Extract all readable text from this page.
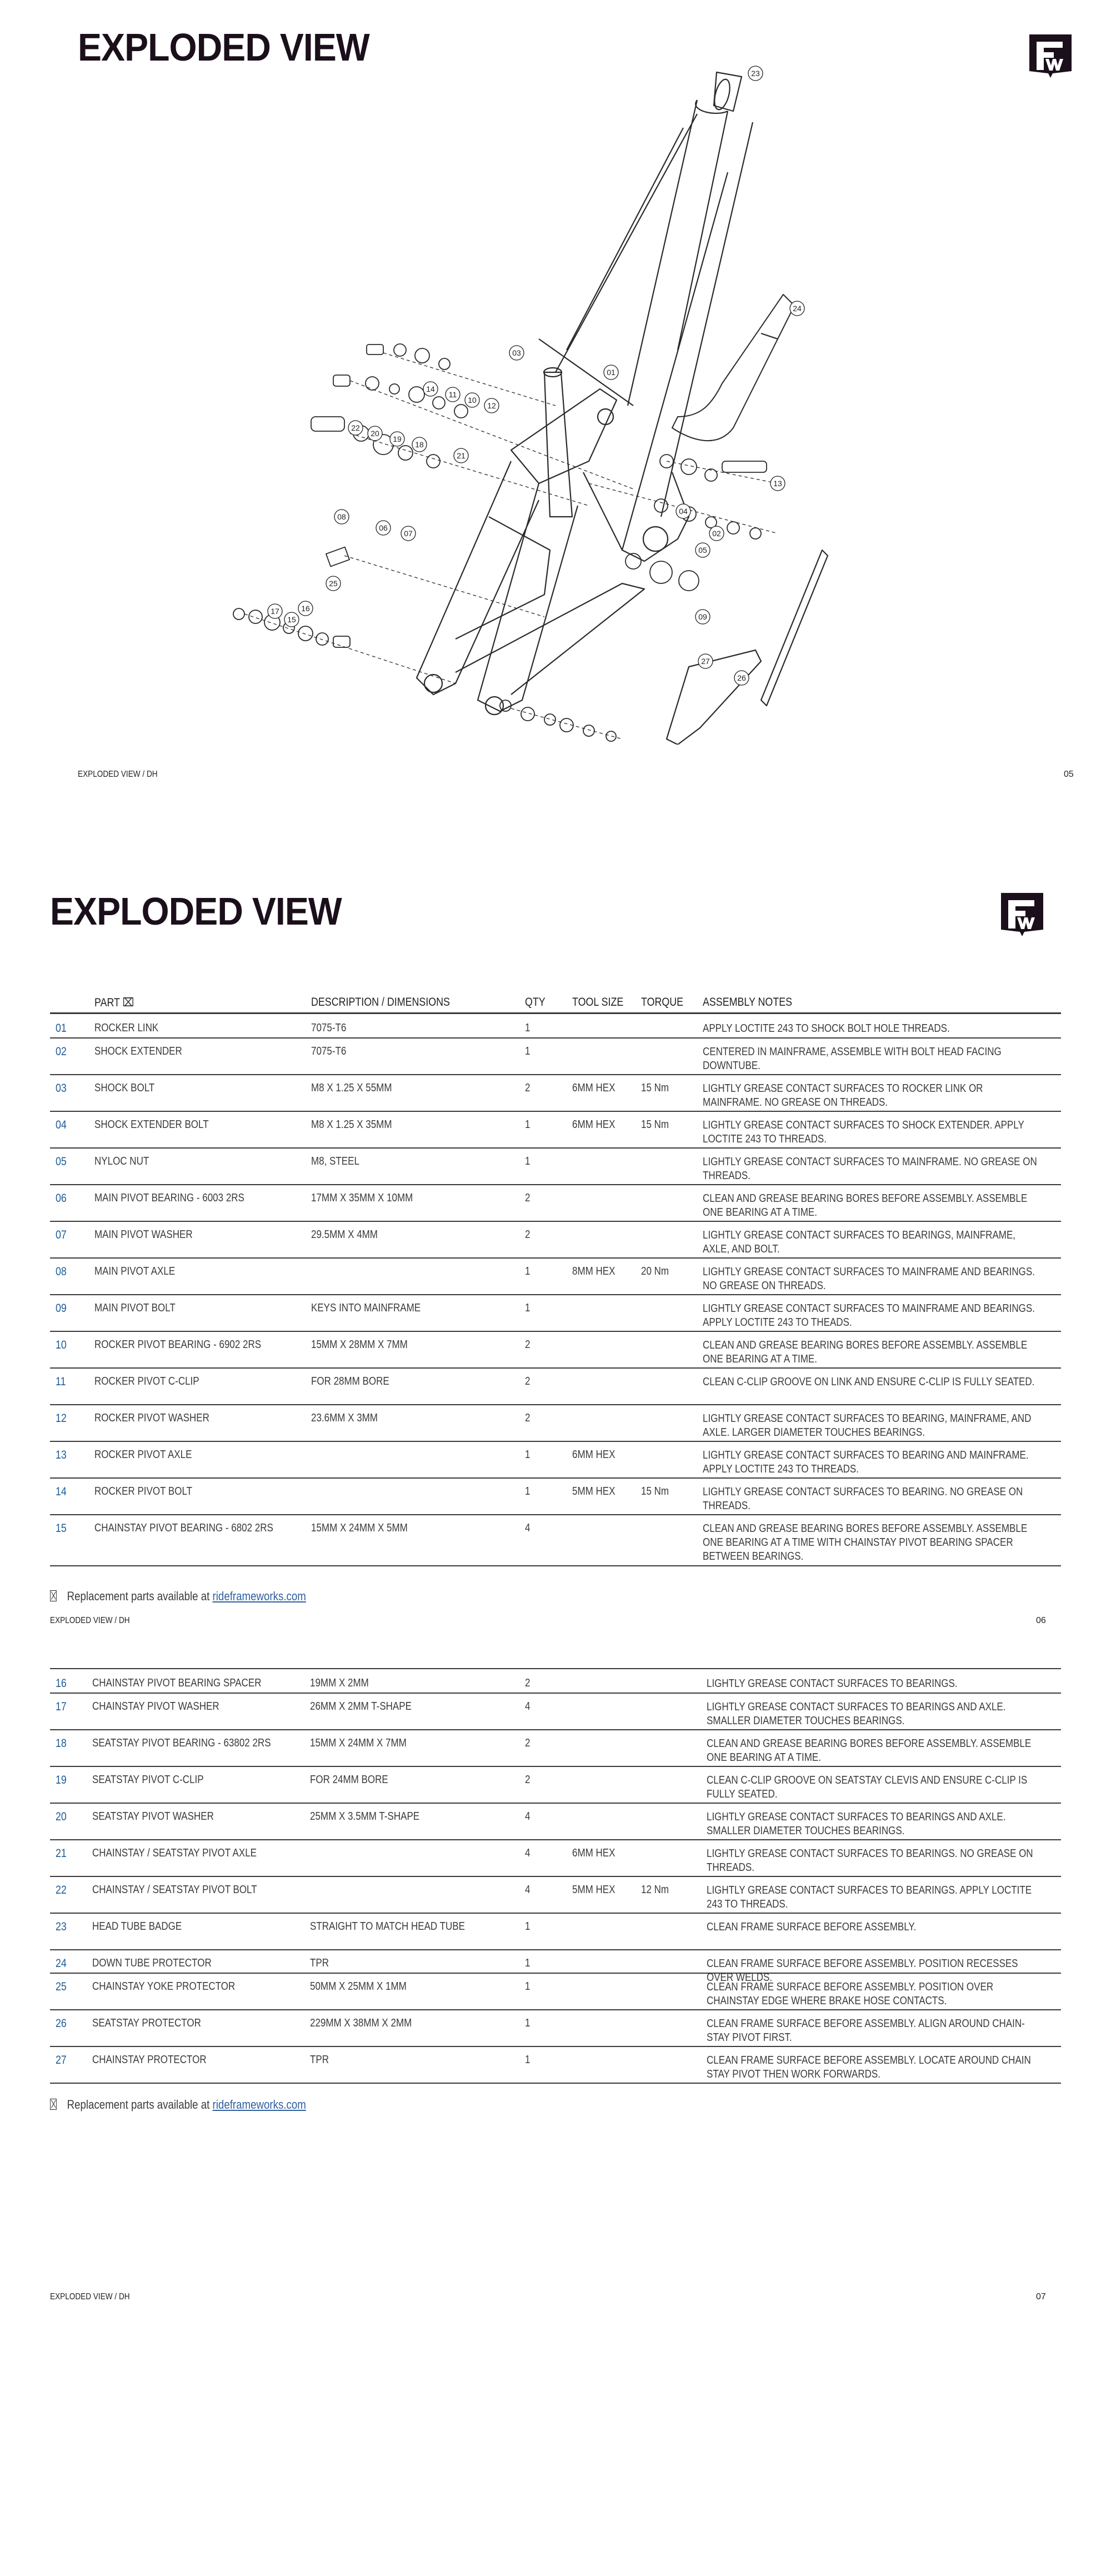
EXPLODED VIEW
23
24
03
01
14
11
10
12
22
20
19
18
21
08
06
07
25
04
02
05
09
13
15
16
17
26
27
EXPLODED VIEW / DH	05
EXPLODED VIEW
PART ⌧	DESCRIPTION / DIMENSIONS	QTY TOOL SIZE TORQUE ASSEMBLY NOTES
01	ROCKER LINK	7075-T6	1	APPLY LOCTITE 243 TO SHOCK BOLT HOLE THREADS.
02	SHOCK EXTENDER	7075-T6	1	CENTERED IN MAINFRAME, ASSEMBLE WITH BOLT HEAD FACING DOWNTUBE.
03	SHOCK BOLT	M8 X 1.25 X 55MM	2	6MM HEX 15 Nm	LIGHTLY GREASE CONTACT SURFACES TO ROCKER LINK OR MAINFRAME. NO GREASE ON THREADS.
04	SHOCK EXTENDER BOLT	M8 X 1.25 X 35MM	1	6MM HEX 15 Nm	LIGHTLY GREASE CONTACT SURFACES TO SHOCK EXTENDER. APPLY LOCTITE 243 TO THREADS.
05	NYLOC NUT	M8, STEEL	1	LIGHTLY GREASE CONTACT SURFACES TO MAINFRAME. NO GREASE ON THREADS.
06	MAIN PIVOT BEARING - 6003 2RS	17MM X 35MM X 10MM	2	CLEAN AND GREASE BEARING BORES BEFORE ASSEMBLY. ASSEMBLE ONE BEARING AT A TIME.
07	MAIN PIVOT WASHER	29.5MM X 4MM	2	LIGHTLY GREASE CONTACT SURFACES TO BEARINGS, MAINFRAME, AXLE, AND BOLT.
08	MAIN PIVOT AXLE	1	8MM HEX 20 Nm	LIGHTLY GREASE CONTACT SURFACES TO MAINFRAME AND BEARINGS. NO GREASE ON THREADS.
09	MAIN PIVOT BOLT	KEYS INTO MAINFRAME	1	LIGHTLY GREASE CONTACT SURFACES TO MAINFRAME AND BEARINGS. APPLY LOCTITE 243 TO THEADS.
10	ROCKER PIVOT BEARING - 6902 2RS	15MM X 28MM X 7MM	2	CLEAN AND GREASE BEARING BORES BEFORE ASSEMBLY. ASSEMBLE ONE BEARING AT A TIME.
11	ROCKER PIVOT C-CLIP	FOR 28MM BORE	2	CLEAN C-CLIP GROOVE ON LINK AND ENSURE C-CLIP IS FULLY SEATED.
12	ROCKER PIVOT WASHER	23.6MM X 3MM	2	LIGHTLY GREASE CONTACT SURFACES TO BEARING, MAINFRAME, AND AXLE. LARGER DIAMETER TOUCHES BEARINGS.
13	ROCKER PIVOT AXLE	1	6MM HEX	LIGHTLY GREASE CONTACT SURFACES TO BEARING AND MAINFRAME. APPLY LOCTITE 243 TO THREADS.
14	ROCKER PIVOT BOLT	1	5MM HEX 15 Nm	LIGHTLY GREASE CONTACT SURFACES TO BEARING. NO GREASE ON THREADS.
15	CHAINSTAY PIVOT BEARING - 6802 2RS	15MM X 24MM X 5MM	4	CLEAN AND GREASE BEARING BORES BEFORE ASSEMBLY. ASSEMBLE ONE BEARING AT A TIME WITH CHAINSTAY PIVOT BEARING SPACER BETWEEN BEARINGS.
Replacement parts available at rideframeworks.com
EXPLODED VIEW / DH	06
16 CHAINSTAY PIVOT BEARING SPACER	19MM X 2MM	2	LIGHTLY GREASE CONTACT SURFACES TO BEARINGS.
17 CHAINSTAY PIVOT WASHER	26MM X 2MM T-SHAPE	4	LIGHTLY GREASE CONTACT SURFACES TO BEARINGS AND AXLE. SMALLER DIAMETER TOUCHES BEARINGS.
18 SEATSTAY PIVOT BEARING - 63802 2RS	15MM X 24MM X 7MM	2	CLEAN AND GREASE BEARING BORES BEFORE ASSEMBLY. ASSEMBLE ONE BEARING AT A TIME.
19 SEATSTAY PIVOT C-CLIP	FOR 24MM BORE	2	CLEAN C-CLIP GROOVE ON SEATSTAY CLEVIS AND ENSURE C-CLIP IS FULLY SEATED.
20 SEATSTAY PIVOT WASHER	25MM X 3.5MM T-SHAPE	4	LIGHTLY GREASE CONTACT SURFACES TO BEARINGS AND AXLE. SMALLER DIAMETER TOUCHES BEARINGS.
21 CHAINSTAY / SEATSTAY PIVOT AXLE	4	6MM HEX	LIGHTLY GREASE CONTACT SURFACES TO BEARINGS. NO GREASE ON THREADS.
22 CHAINSTAY / SEATSTAY PIVOT BOLT	4	5MM HEX 12 Nm	LIGHTLY GREASE CONTACT SURFACES TO BEARINGS. APPLY LOCTITE 243 TO THREADS.
23 HEAD TUBE BADGE	STRAIGHT TO MATCH HEAD TUBE	1	CLEAN FRAME SURFACE BEFORE ASSEMBLY.
24 DOWN TUBE PROTECTOR	TPR	1	CLEAN FRAME SURFACE BEFORE ASSEMBLY. POSITION RECESSES OVER WELDS.
25 CHAINSTAY YOKE PROTECTOR	50MM X 25MM X 1MM	1	CLEAN FRAME SURFACE BEFORE ASSEMBLY. POSITION OVER CHAINSTAY EDGE WHERE BRAKE HOSE CONTACTS.
26 SEATSTAY PROTECTOR	229MM X 38MM X 2MM	1	CLEAN FRAME SURFACE BEFORE ASSEMBLY. ALIGN AROUND CHAIN-STAY PIVOT FIRST.
27 CHAINSTAY PROTECTOR	TPR	1	CLEAN FRAME SURFACE BEFORE ASSEMBLY. LOCATE AROUND CHAIN STAY PIVOT THEN WORK FORWARDS.
Replacement parts available at rideframeworks.com
EXPLODED VIEW / DH	07
